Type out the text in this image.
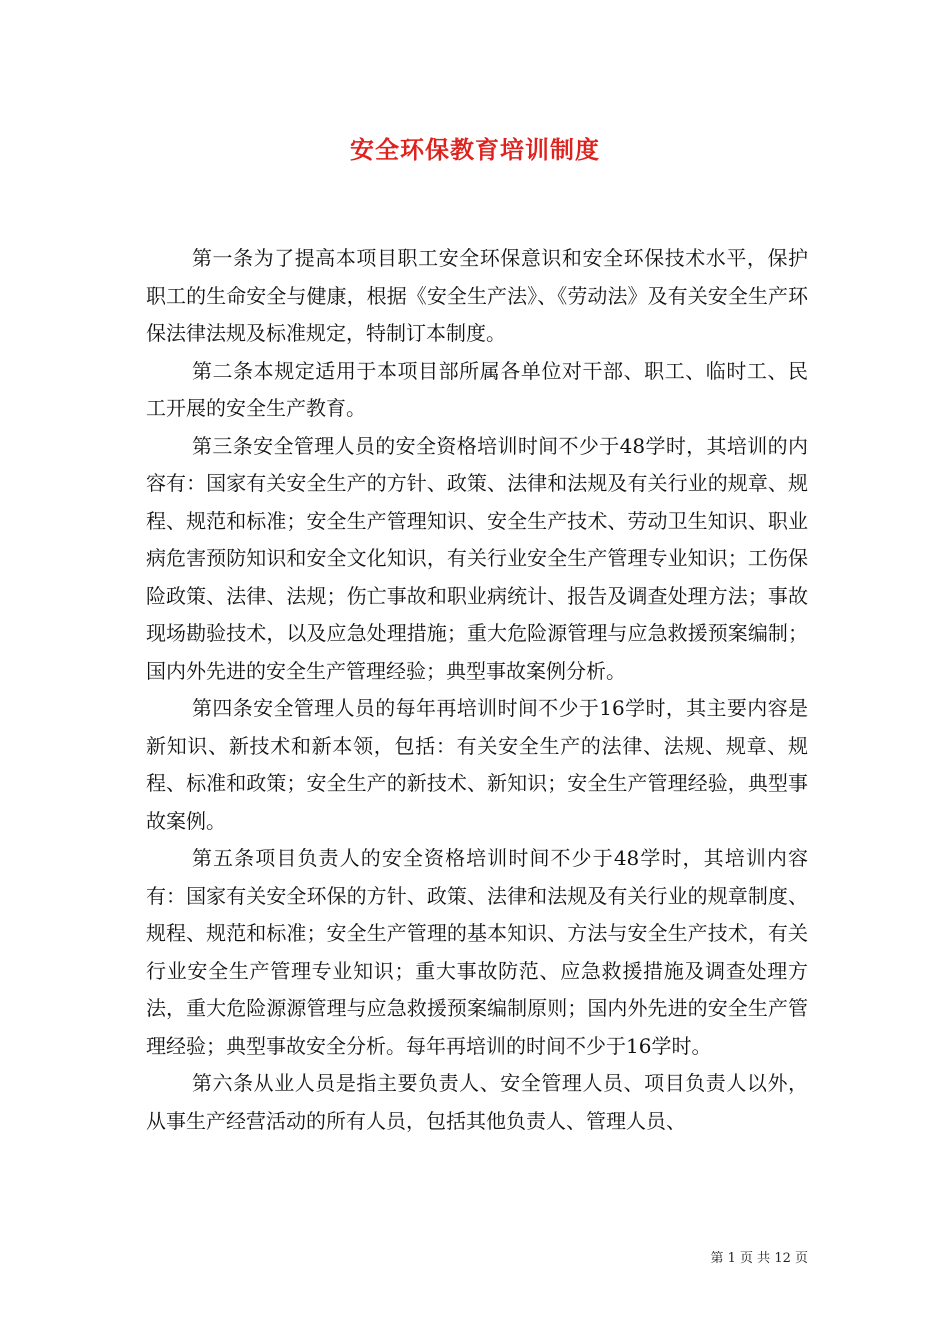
安全环保教育培训制度

第一条为了提高本项目职工安全环保意识和安全环保技术水平，保护职工的生命安全与健康，根据《安全生产法》、《劳动法》及有关安全生产环保法律法规及标准规定，特制订本制度。

第二条本规定适用于本项目部所属各单位对干部、职工、临时工、民工开展的安全生产教育。

第三条安全管理人员的安全资格培训时间不少于48学时，其培训的内容有：国家有关安全生产的方针、政策、法律和法规及有关行业的规章、规程、规范和标准；安全生产管理知识、安全生产技术、劳动卫生知识、职业病危害预防知识和安全文化知识，有关行业安全生产管理专业知识；工伤保险政策、法律、法规；伤亡事故和职业病统计、报告及调查处理方法；事故现场勘验技术，以及应急处理措施；重大危险源管理与应急救援预案编制；国内外先进的安全生产管理经验；典型事故案例分析。

第四条安全管理人员的每年再培训时间不少于16学时，其主要内容是新知识、新技术和新本领，包括：有关安全生产的法律、法规、规章、规程、标准和政策；安全生产的新技术、新知识；安全生产管理经验，典型事故案例。

第五条项目负责人的安全资格培训时间不少于48学时，其培训内容有：国家有关安全环保的方针、政策、法律和法规及有关行业的规章制度、规程、规范和标准；安全生产管理的基本知识、方法与安全生产技术，有关行业安全生产管理专业知识；重大事故防范、应急救援措施及调查处理方法，重大危险源源管理与应急救援预案编制原则；国内外先进的安全生产管理经验；典型事故安全分析。每年再培训的时间不少于16学时。

第六条从业人员是指主要负责人、安全管理人员、项目负责人以外，从事生产经营活动的所有人员，包括其他负责人、管理人员、

第 1 页 共 12 页
